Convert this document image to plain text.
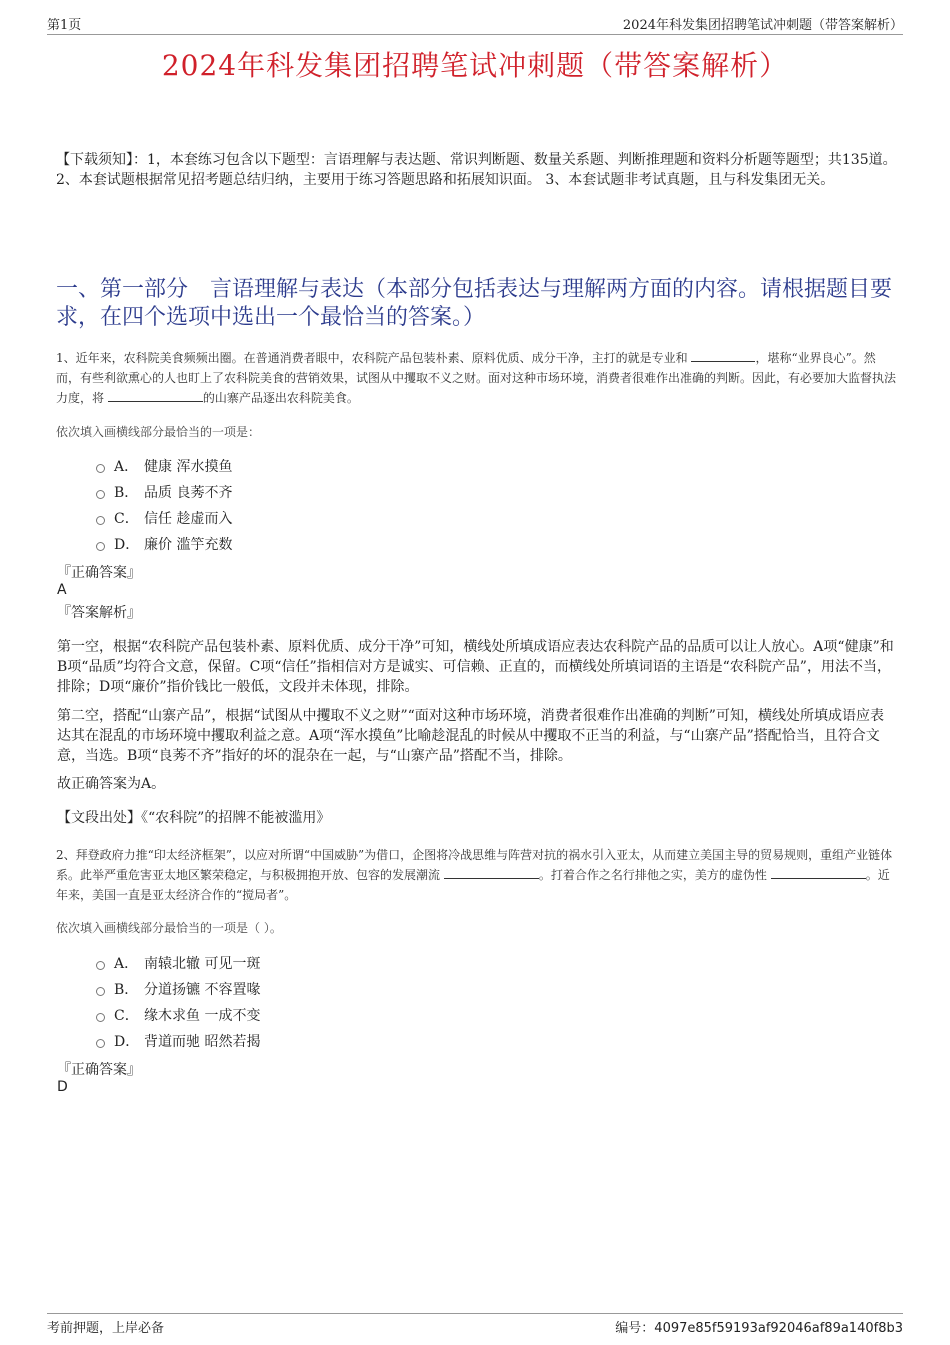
第1页	2024年科发集团招聘笔试冲刺题（带答案解析）
2024年科发集团招聘笔试冲刺题（带答案解析）

【下载须知】：1，本套练习包含以下题型：言语理解与表达题、常识判断题、数量关系题、判断推理题和资料分析题等题型；共135道。 2、本套试题根据常见招考题总结归纳，主要用于练习答题思路和拓展知识面。 3、本套试题非考试真题，且与科发集团无关。

一、第一部分　言语理解与表达（本部分包括表达与理解两方面的内容。请根据题目要求，在四个选项中选出一个最恰当的答案。）

1、近年来，农科院美食频频出圈。在普通消费者眼中，农科院产品包装朴素、原料优质、成分干净，主打的就是专业和	，堪称“业界良心”。然而，有些利欲熏心的人也盯上了农科院美食的营销效果，试图从中攫取不义之财。面对这种市场环境，消费者很难作出准确的判断。因此，有必要加大监督执法力度，将	的山寨产品逐出农科院美食。

依次填入画横线部分最恰当的一项是：

A． 健康 浑水摸鱼
B． 品质 良莠不齐
C． 信任 趁虚而入
D． 廉价 滥竽充数

『正确答案』

A

『答案解析』

第一空，根据“农科院产品包装朴素、原料优质、成分干净”可知，横线处所填成语应表达农科院产品的品质可以让人放心。A项“健康”和B项“品质”均符合文意，保留。C项“信任”指相信对方是诚实、可信赖、正直的，而横线处所填词语的主语是“农科院产品”，用法不当，排除；D项“廉价”指价钱比一般低，文段并未体现，排除。

第二空，搭配“山寨产品”，根据“试图从中攫取不义之财”“面对这种市场环境，消费者很难作出准确的判断”可知，横线处所填成语应表达其在混乱的市场环境中攫取利益之意。A项“浑水摸鱼”比喻趁混乱的时候从中攫取不正当的利益，与“山寨产品”搭配恰当，且符合文意，当选。B项“良莠不齐”指好的坏的混杂在一起，与“山寨产品”搭配不当，排除。

故正确答案为A。

【文段出处】《“农科院”的招牌不能被滥用》

2、拜登政府力推“印太经济框架”，以应对所谓“中国威胁”为借口，企图将冷战思维与阵营对抗的祸水引入亚太，从而建立美国主导的贸易规则，重组产业链体系。此举严重危害亚太地区繁荣稳定，与积极拥抱开放、包容的发展潮流	。打着合作之名行排他之实，美方的虚伪性	。近年来，美国一直是亚太经济合作的“搅局者”。

依次填入画横线部分最恰当的一项是（ ）。

A． 南辕北辙 可见一斑
B． 分道扬镳 不容置喙
C． 缘木求鱼 一成不变
D． 背道而驰 昭然若揭

『正确答案』

D

考前押题，上岸必备	编号：4097e85f59193af92046af89a140f8b3
